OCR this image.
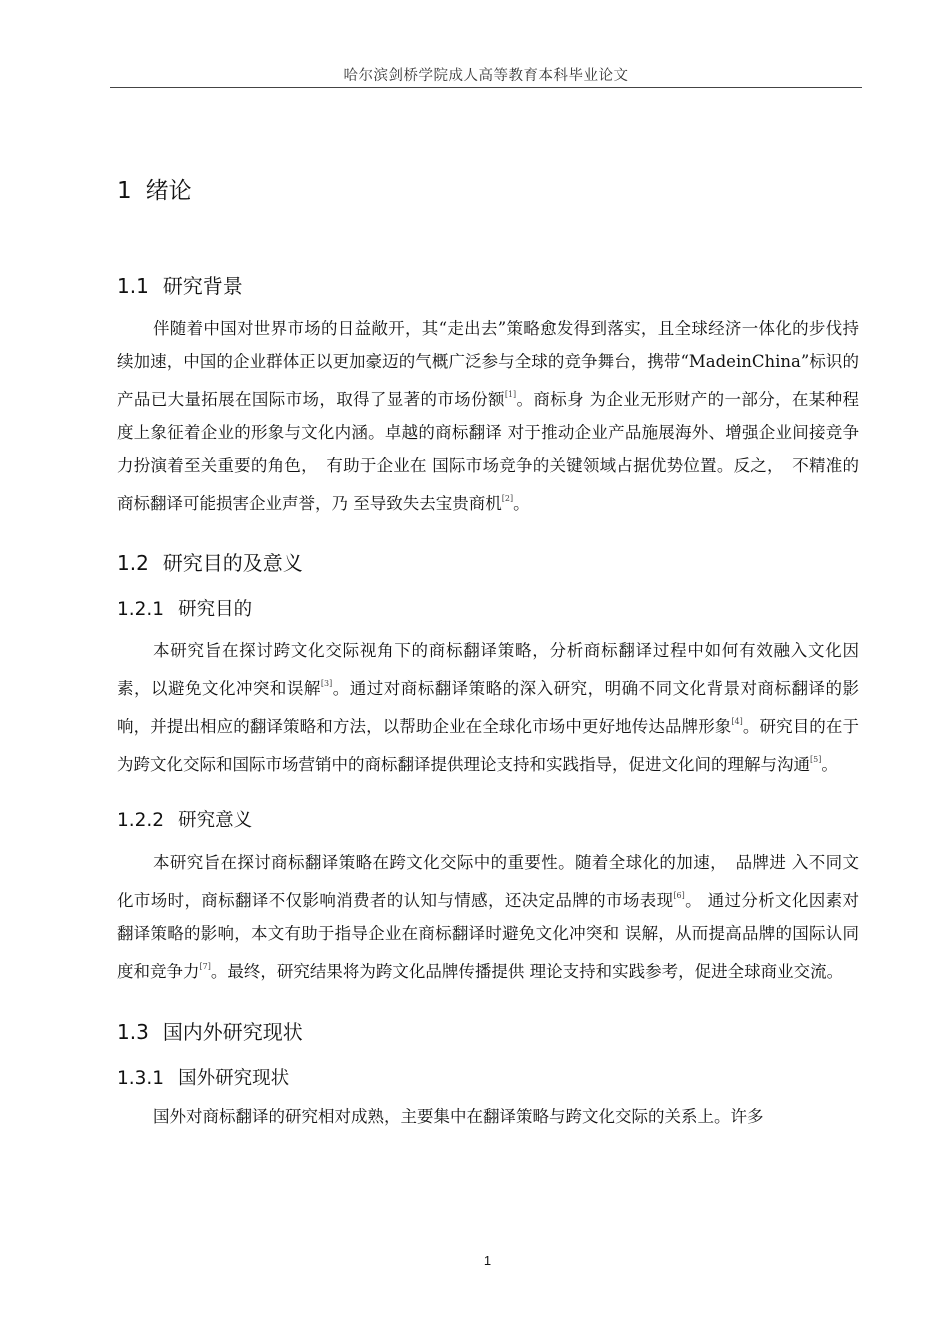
哈尔滨剑桥学院成人高等教育本科毕业论文
1 绪论
1.1 研究背景

伴随着中国对世界市场的日益敞开，其“走出去”策略愈发得到落实，且全球经济一体化的步伐持续加速，中国的企业群体正以更加豪迈的气概广泛参与全球的竞争舞台，携带“MadeinChina”标识的产品已大量拓展在国际市场，取得了显著的市场份额[1]。商标身 为企业无形财产的一部分，在某种程度上象征着企业的形象与文化内涵。卓越的商标翻译 对于推动企业产品施展海外、增强企业间接竞争力扮演着至关重要的角色，　有助于企业在 国际市场竞争的关键领域占据优势位置。反之，　不精准的商标翻译可能损害企业声誉，乃 至导致失去宝贵商机[2]。

1.2 研究目的及意义
1.2.1 研究目的

本研究旨在探讨跨文化交际视角下的商标翻译策略，分析商标翻译过程中如何有效融入文化因素，以避免文化冲突和误解[3]。通过对商标翻译策略的深入研究，明确不同文化背景对商标翻译的影响，并提出相应的翻译策略和方法，以帮助企业在全球化市场中更好地传达品牌形象[4]。研究目的在于为跨文化交际和国际市场营销中的商标翻译提供理论支持和实践指导，促进文化间的理解与沟通[5]。

1.2.2 研究意义

本研究旨在探讨商标翻译策略在跨文化交际中的重要性。随着全球化的加速，　品牌进 入不同文化市场时，商标翻译不仅影响消费者的认知与情感，还决定品牌的市场表现[6]。 通过分析文化因素对翻译策略的影响，本文有助于指导企业在商标翻译时避免文化冲突和 误解，从而提高品牌的国际认同度和竞争力[7]。最终，研究结果将为跨文化品牌传播提供 理论支持和实践参考，促进全球商业交流。

1.3 国内外研究现状
1.3.1 国外研究现状

国外对商标翻译的研究相对成熟，主要集中在翻译策略与跨文化交际的关系上。许多

1
